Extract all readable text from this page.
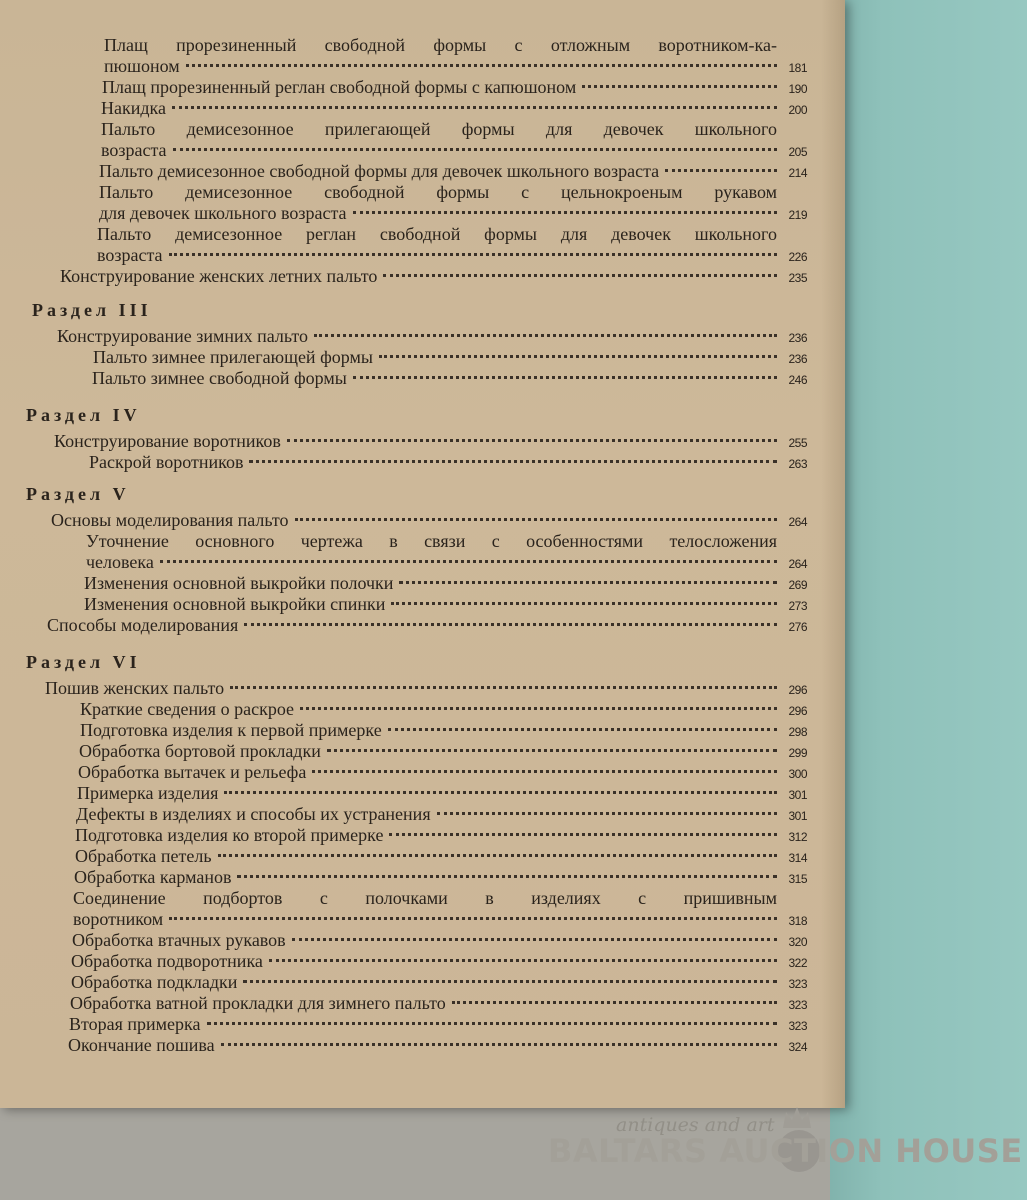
Плащ прорезиненный свободной формы с отложным воротником-ка-
пюшоном	181
Плащ прорезиненный реглан свободной формы с капюшоном	190
Накидка	200
Пальто демисезонное прилегающей формы для девочек школьного
возраста	205
Пальто демисезонное свободной формы для девочек школьного возраста	214
Пальто демисезонное свободной формы с цельнокроеным рукавом
для девочек школьного возраста	219
Пальто демисезонное реглан свободной формы для девочек школьного
возраста	226
Конструирование женских летних пальто	235
Раздел III
Конструирование зимних пальто	236
Пальто зимнее прилегающей формы	236
Пальто зимнее свободной формы	246
Раздел IV
Конструирование воротников	255
Раскрой воротников	263
Раздел V
Основы моделирования пальто	264
Уточнение основного чертежа в связи с особенностями телосложения
человека	264
Изменения основной выкройки полочки	269
Изменения основной выкройки спинки	273
Способы моделирования	276
Раздел VI
Пошив женских пальто	296
Краткие сведения о раскрое	296
Подготовка изделия к первой примерке	298
Обработка бортовой прокладки	299
Обработка вытачек и рельефа	300
Примерка изделия	301
Дефекты в изделиях и способы их устранения	301
Подготовка изделия ко второй примерке	312
Обработка петель	314
Обработка карманов	315
Соединение подбортов с полочками в изделиях с пришивным
воротником	318
Обработка втачных рукавов	320
Обработка подворотника	322
Обработка подкладки	323
Обработка ватной прокладки для зимнего пальто	323
Вторая примерка	323
Окончание пошива	324
antiques and art
BALTARS AUCTION HOUSE
